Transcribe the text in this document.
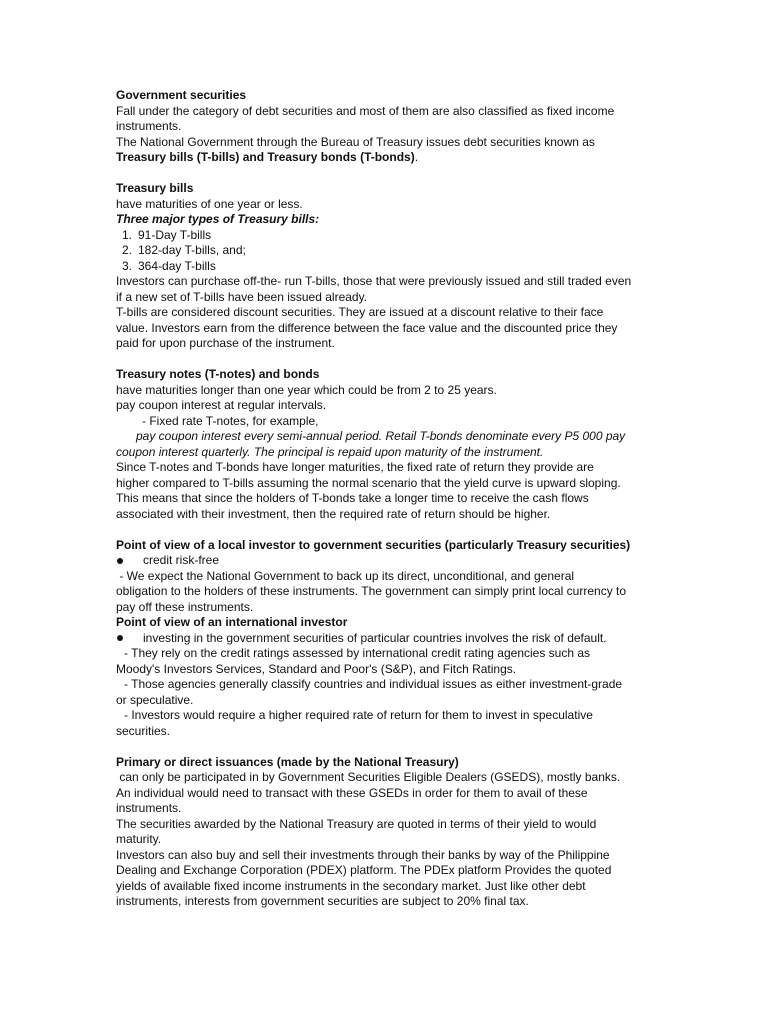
Government securities
Fall under the category of debt securities and most of them are also classified as fixed income
instruments.
The National Government through the Bureau of Treasury issues debt securities known as
Treasury bills (T-bills) and Treasury bonds (T-bonds).
Treasury bills
have maturities of one year or less.
Three major types of Treasury bills:
1. 91-Day T-bills
2. 182-day T-bills, and;
3. 364-day T-bills
Investors can purchase off-the- run T-bills, those that were previously issued and still traded even
if a new set of T-bills have been issued already.
T-bills are considered discount securities. They are issued at a discount relative to their face
value. Investors earn from the difference between the face value and the discounted price they
paid for upon purchase of the instrument.
Treasury notes (T-notes) and bonds
have maturities longer than one year which could be from 2 to 25 years.
pay coupon interest at regular intervals.
- Fixed rate T-notes, for example,
pay coupon interest every semi-annual period. Retail T-bonds denominate every P5 000 pay
coupon interest quarterly. The principal is repaid upon maturity of the instrument.
Since T-notes and T-bonds have longer maturities, the fixed rate of return they provide are
higher compared to T-bills assuming the normal scenario that the yield curve is upward sloping.
This means that since the holders of T-bonds take a longer time to receive the cash flows
associated with their investment, then the required rate of return should be higher.
Point of view of a local investor to government securities (particularly Treasury securities)
credit risk-free
- We expect the National Government to back up its direct, unconditional, and general
obligation to the holders of these instruments. The government can simply print local currency to
pay off these instruments.
Point of view of an international investor
investing in the government securities of particular countries involves the risk of default.
- They rely on the credit ratings assessed by international credit rating agencies such as
Moody's Investors Services, Standard and Poor's (S&P), and Fitch Ratings.
- Those agencies generally classify countries and individual issues as either investment-grade
or speculative.
- Investors would require a higher required rate of return for them to invest in speculative
securities.
Primary or direct issuances (made by the National Treasury)
can only be participated in by Government Securities Eligible Dealers (GSEDS), mostly banks.
An individual would need to transact with these GSEDs in order for them to avail of these
instruments.
The securities awarded by the National Treasury are quoted in terms of their yield to would
maturity.
Investors can also buy and sell their investments through their banks by way of the Philippine
Dealing and Exchange Corporation (PDEX) platform. The PDEx platform Provides the quoted
yields of available fixed income instruments in the secondary market. Just like other debt
instruments, interests from government securities are subject to 20% final tax.
